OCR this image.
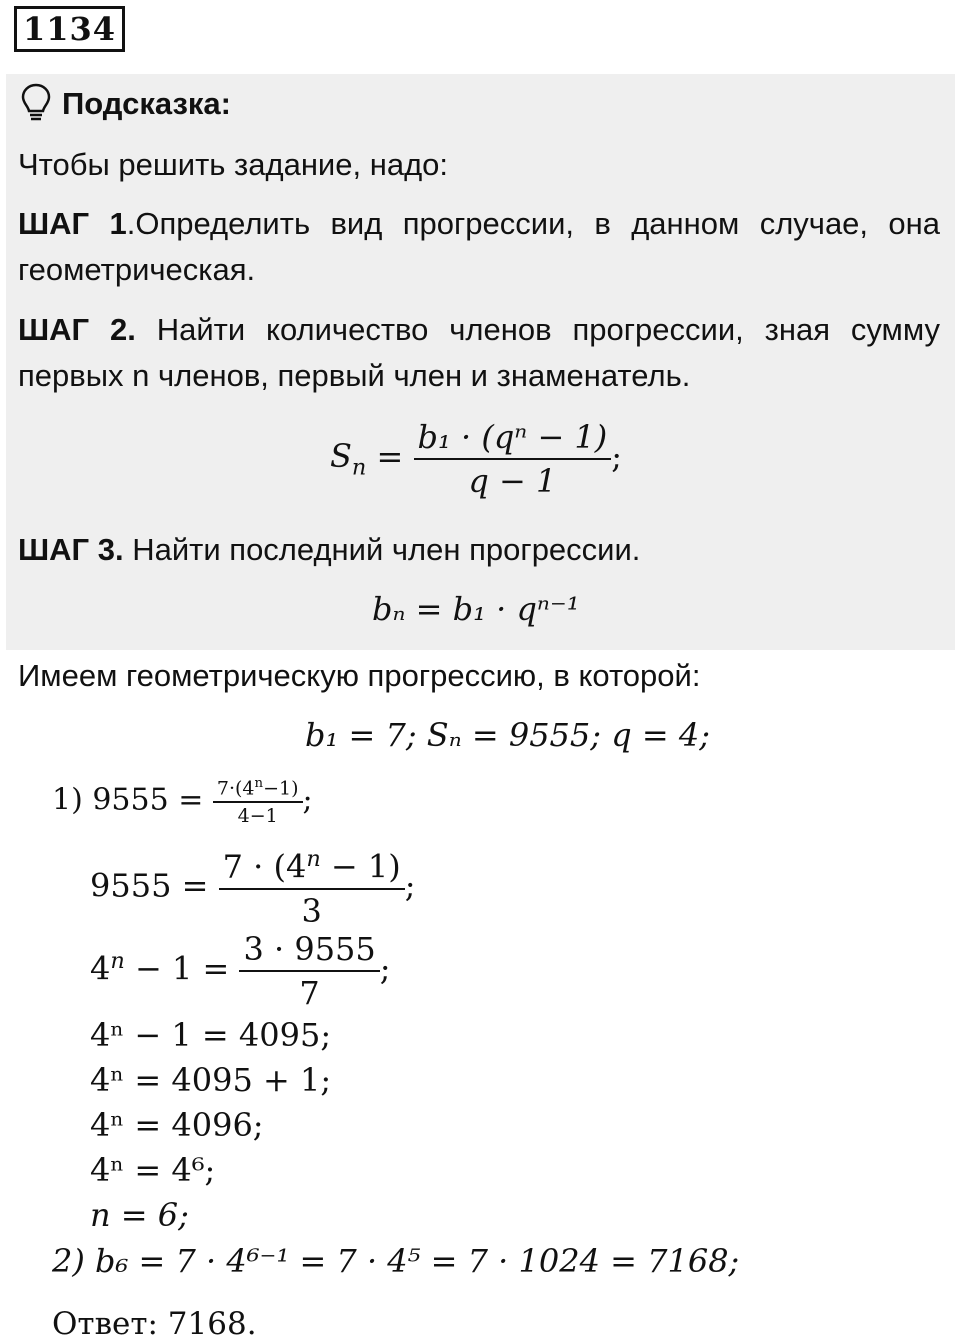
1134
Подсказка:
Чтобы решить задание, надо:
ШАГ 1.Определить вид прогрессии, в данном случае, она
геометрическая.
ШАГ 2. Найти количество членов прогрессии, зная сумму
первых n членов, первый член и знаменатель.
$S_n = \frac{\text{b₁ · (qⁿ − 1)}}{q - 1}$ ;
ШАГ 3. Найти последний член прогрессии.
bₙ = b₁ · qⁿ⁻¹
Имеем геометрическую прогрессию, в которой:
b₁ = 7; Sₙ = 9555; q = 4;
1) $9555 = \frac{7\cdot(4^n-1)}{4-1}$ ;
$9555 = \frac{7 \cdot (4^n - 1)}{3}$ ;
$4^n - 1 = \frac{3 \cdot 9555}{7}$ ;
4ⁿ − 1 = 4095;
4ⁿ = 4095 + 1;
4ⁿ = 4096;
4ⁿ = 4⁶;
n = 6;
2) b₆ = 7 · 4⁶⁻¹ = 7 · 4⁵ = 7 · 1024 = 7168;
Ответ: 7168.
